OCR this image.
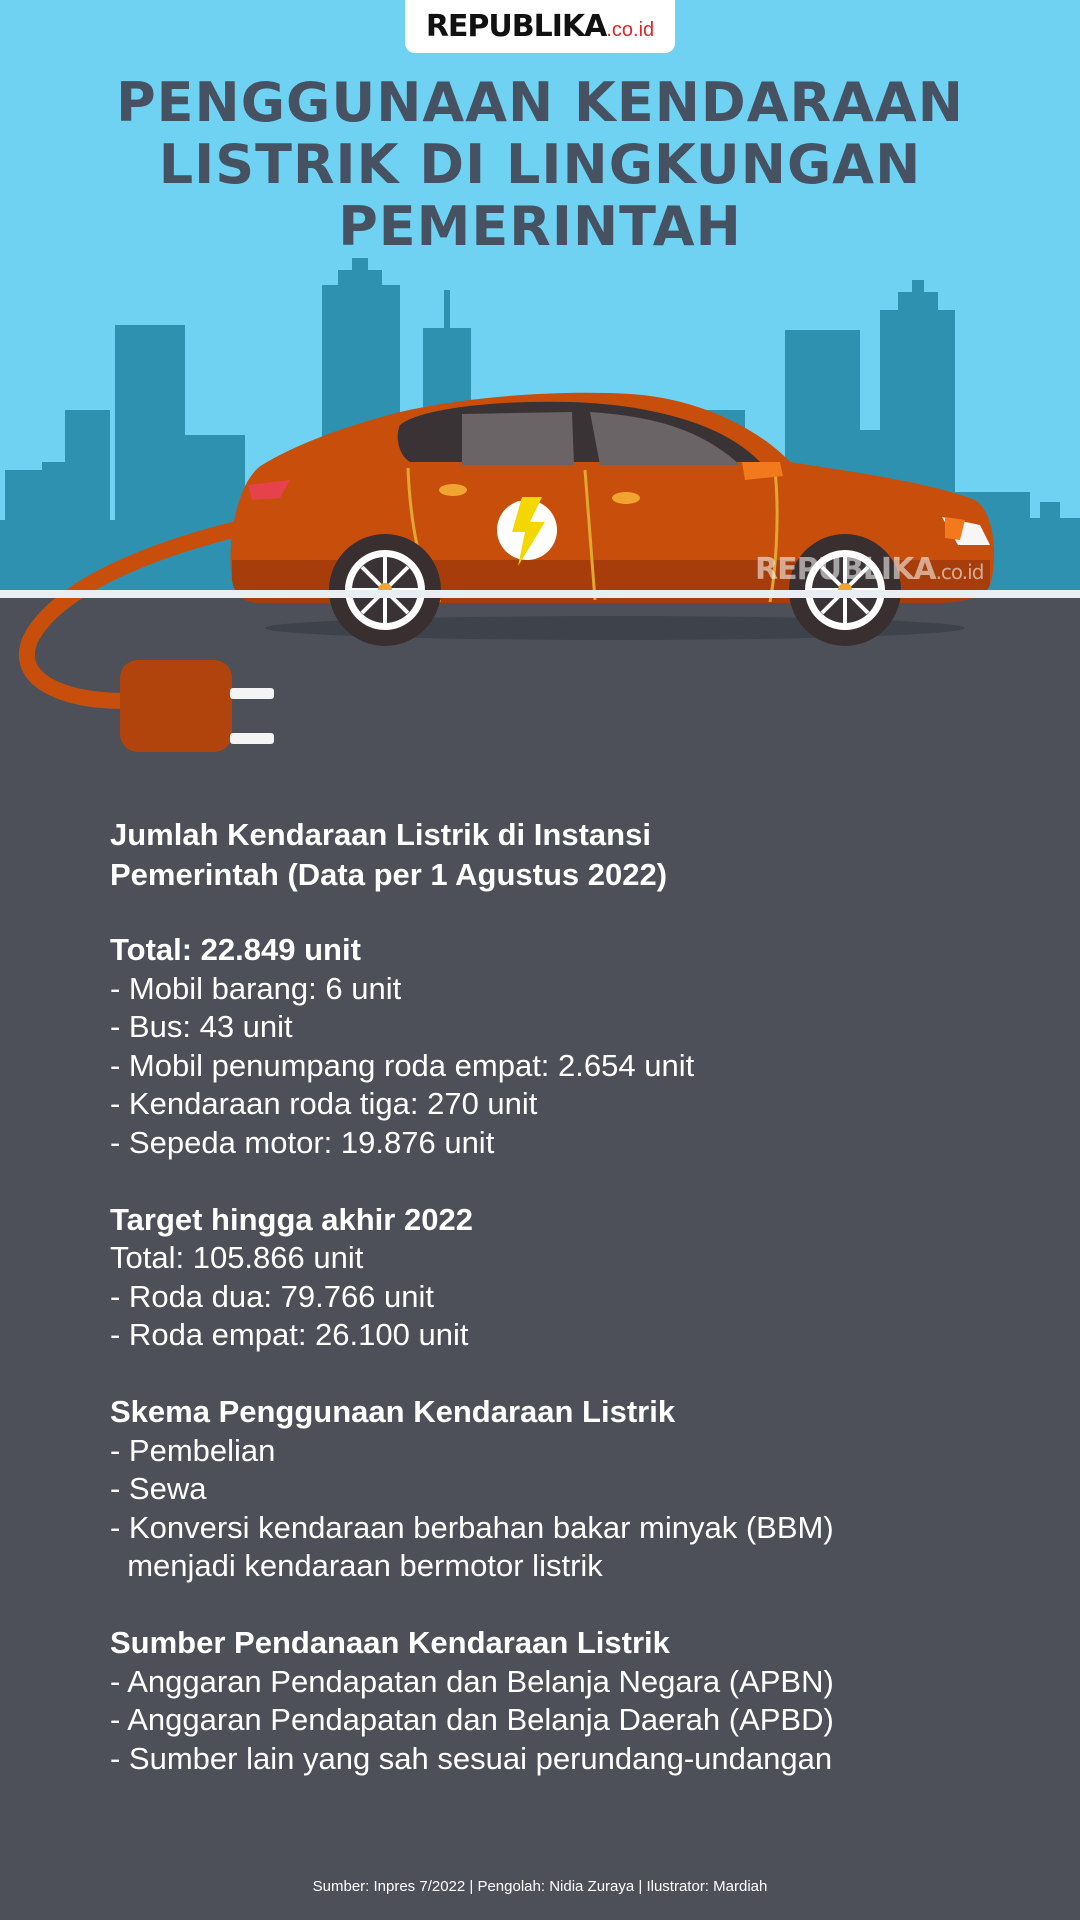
REPUBLIKA.co.id
PENGGUNAAN KENDARAAN
LISTRIK DI LINGKUNGAN
PEMERINTAH
REPUBLIKA.co.id

Jumlah Kendaraan Listrik di Instansi

Pemerintah (Data per 1 Agustus 2022)

Total: 22.849 unit

- Mobil barang: 6 unit

- Bus: 43 unit

- Mobil penumpang roda empat: 2.654 unit

- Kendaraan roda tiga: 270 unit

- Sepeda motor: 19.876 unit

Target hingga akhir 2022

Total: 105.866 unit

- Roda dua: 79.766 unit

- Roda empat: 26.100 unit

Skema Penggunaan Kendaraan Listrik

- Pembelian

- Sewa

- Konversi kendaraan berbahan bakar minyak (BBM)

menjadi kendaraan bermotor listrik

Sumber Pendanaan Kendaraan Listrik

- Anggaran Pendapatan dan Belanja Negara (APBN)

- Anggaran Pendapatan dan Belanja Daerah (APBD)

- Sumber lain yang sah sesuai perundang-undangan

Sumber: Inpres 7/2022 | Pengolah: Nidia Zuraya | Ilustrator: Mardiah
